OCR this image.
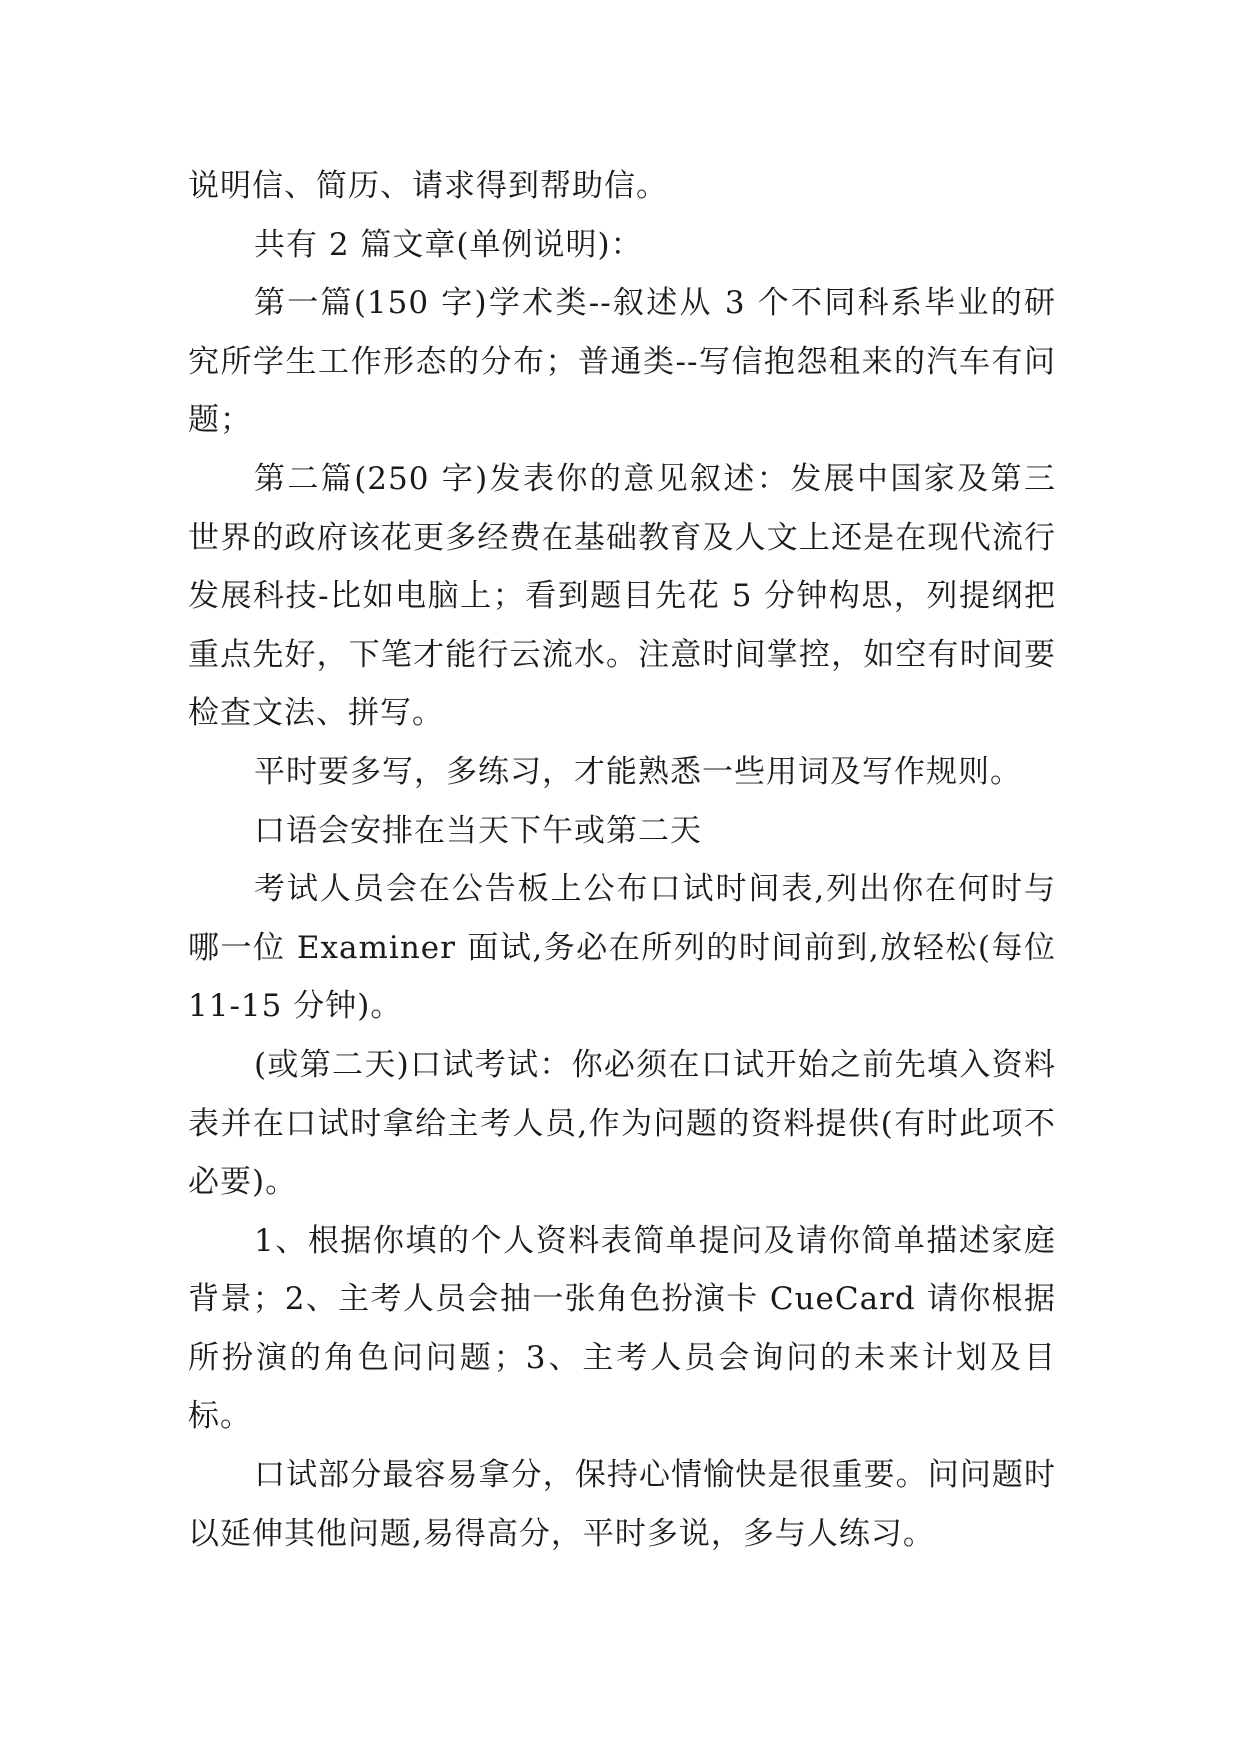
说明信、简历、请求得到帮助信。

共有 2 篇文章(单例说明)：

第一篇(150 字)学术类--叙述从 3 个不同科系毕业的研究所学生工作形态的分布；普通类--写信抱怨租来的汽车有问题；

第二篇(250 字)发表你的意见叙述：发展中国家及第三世界的政府该花更多经费在基础教育及人文上还是在现代流行发展科技-比如电脑上；看到题目先花 5 分钟构思，列提纲把重点先好，下笔才能行云流水。注意时间掌控，如空有时间要检查文法、拼写。

平时要多写，多练习，才能熟悉一些用词及写作规则。

口语会安排在当天下午或第二天

考试人员会在公告板上公布口试时间表,列出你在何时与哪一位 Examiner 面试,务必在所列的时间前到,放轻松(每位 11-15 分钟)。

(或第二天)口试考试：你必须在口试开始之前先填入资料表并在口试时拿给主考人员,作为问题的资料提供(有时此项不必要)。

1、根据你填的个人资料表简单提问及请你简单描述家庭背景；2、主考人员会抽一张角色扮演卡 CueCard 请你根据所扮演的角色问问题；3、主考人员会询问的未来计划及目标。

口试部分最容易拿分，保持心情愉快是很重要。问问题时以延伸其他问题,易得高分，平时多说，多与人练习。
